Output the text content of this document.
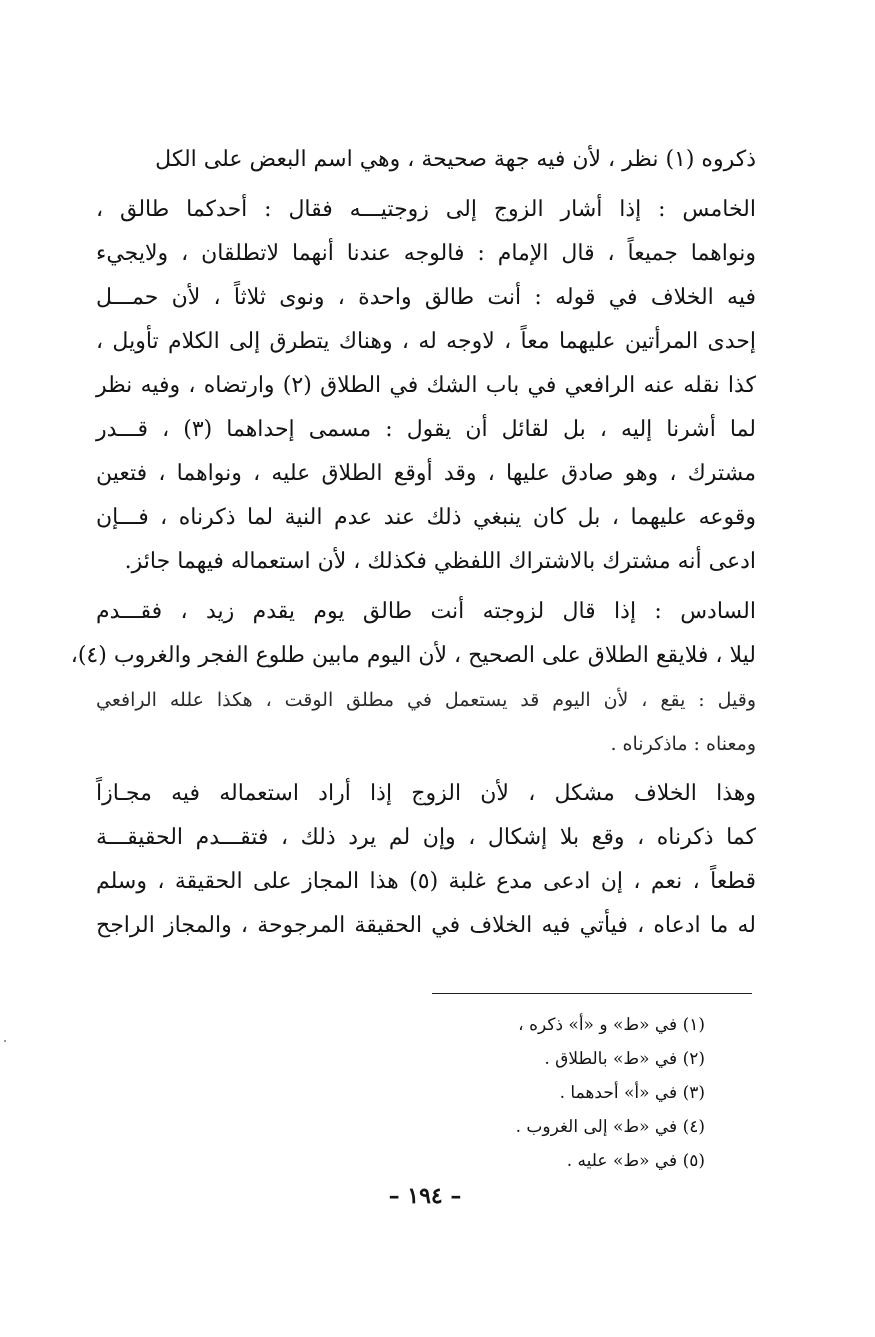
ذكروه (١) نظر ، لأن فيه جهة صحيحة ، وهي اسم البعض على الكل
الخامس : إذا أشار الزوج إلى زوجتيـــه فقال : أحدكما طالق ،
ونواهما جميعاً ، قال الإمام : فالوجه عندنا أنهما لاتطلقان ، ولايجيء
فيه الخلاف في قوله : أنت طالق واحدة ، ونوى ثلاثاً ، لأن حمـــل
إحدى المرأتين عليهما معاً ، لاوجه له ، وهناك يتطرق إلى الكلام تأويل ،
كذا نقله عنه الرافعي في باب الشك في الطلاق (٢) وارتضاه ، وفيه نظر
لما أشرنا إليه ، بل لقائل أن يقول : مسمى إحداهما (٣) ، قـــدر
مشترك ، وهو صادق عليها ، وقد أوقع الطلاق عليه ، ونواهما ، فتعين
وقوعه عليهما ، بل كان ينبغي ذلك عند عدم النية لما ذكرناه ، فـــإن
ادعى أنه مشترك بالاشتراك اللفظي فكذلك ، لأن استعماله فيهما جائز.
السادس : إذا قال لزوجته أنت طالق يوم يقدم زيد ، فقـــدم
ليلا ، فلايقع الطلاق على الصحيح ، لأن اليوم مابين طلوع الفجر والغروب (٤)،
وقيل : يقع ، لأن اليوم قد يستعمل في مطلق الوقت ، هكذا علله الرافعي
ومعناه : ماذكرناه .
وهذا الخلاف مشكل ، لأن الزوج إذا أراد استعماله فيه مجـازاً
كما ذكرناه ، وقع بلا إشكال ، وإن لم يرد ذلك ، فتقـــدم الحقيقـــة
قطعاً ، نعم ، إن ادعى مدع غلبة (٥) هذا المجاز على الحقيقة ، وسلم
له ما ادعاه ، فيأتي فيه الخلاف في الحقيقة المرجوحة ، والمجاز الراجح
(١) في «ط» و «أ» ذكره ،
(٢) في «ط» بالطلاق .
(٣) في «أ» أحدهما .
(٤) في «ط» إلى الغروب .
(٥) في «ط» عليه .
– ١٩٤ –
